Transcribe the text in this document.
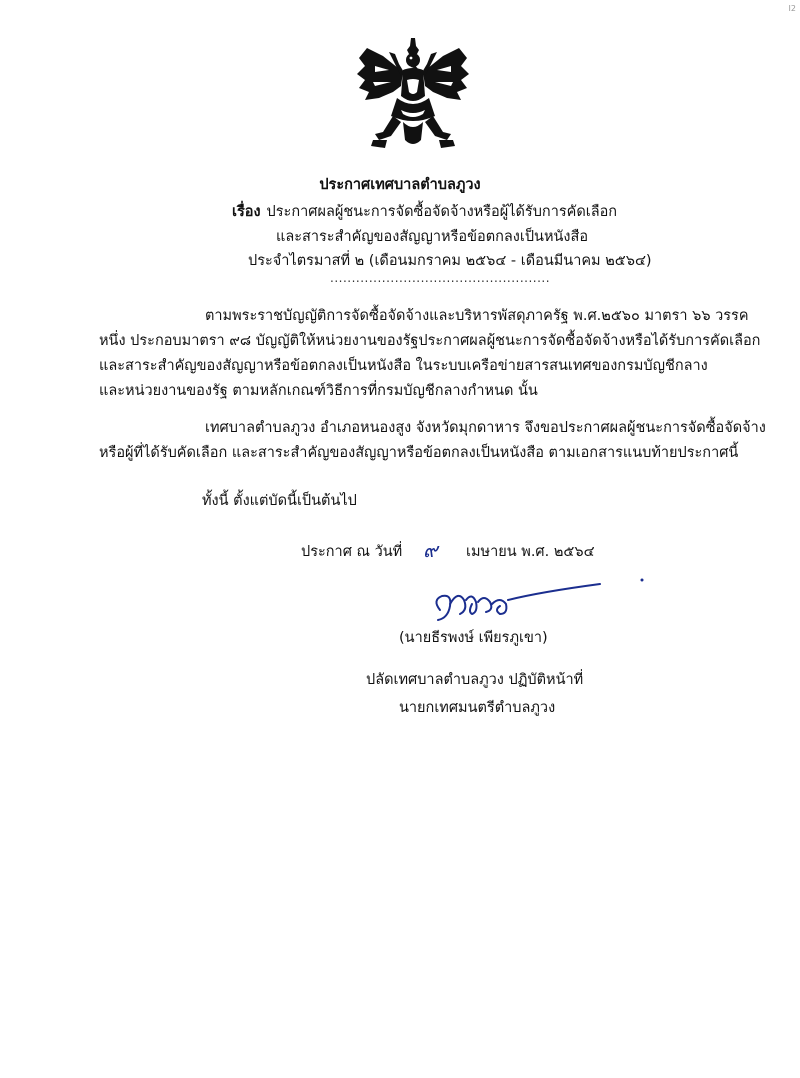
Ι2
ประกาศเทศบาลตำบลภูวง
เรื่อง ประกาศผลผู้ชนะการจัดซื้อจัดจ้างหรือผู้ได้รับการคัดเลือก
และสาระสำคัญของสัญญาหรือข้อตกลงเป็นหนังสือ
ประจำไตรมาสที่ ๒ (เดือนมกราคม ๒๕๖๔ - เดือนมีนาคม ๒๕๖๔)
...................................................
ตามพระราชบัญญัติการจัดซื้อจัดจ้างและบริหารพัสดุภาครัฐ พ.ศ.๒๕๖๐ มาตรา ๖๖ วรรค
หนึ่ง ประกอบมาตรา ๙๘ บัญญัติให้หน่วยงานของรัฐประกาศผลผู้ชนะการจัดซื้อจัดจ้างหรือได้รับการคัดเลือก
และสาระสำคัญของสัญญาหรือข้อตกลงเป็นหนังสือ ในระบบเครือข่ายสารสนเทศของกรมบัญชีกลาง
และหน่วยงานของรัฐ ตามหลักเกณฑ์วิธีการที่กรมบัญชีกลางกำหนด นั้น
เทศบาลตำบลภูวง อำเภอหนองสูง จังหวัดมุกดาหาร จึงขอประกาศผลผู้ชนะการจัดซื้อจัดจ้าง
หรือผู้ที่ได้รับคัดเลือก และสาระสำคัญของสัญญาหรือข้อตกลงเป็นหนังสือ ตามเอกสารแนบท้ายประกาศนี้
ทั้งนี้ ตั้งแต่บัดนี้เป็นต้นไป
ประกาศ ณ วันที่	เมษายน พ.ศ. ๒๕๖๔
๙
(นายธีรพงษ์ เพียรภูเขา)
ปลัดเทศบาลตำบลภูวง ปฏิบัติหน้าที่
นายกเทศมนตรีตำบลภูวง
